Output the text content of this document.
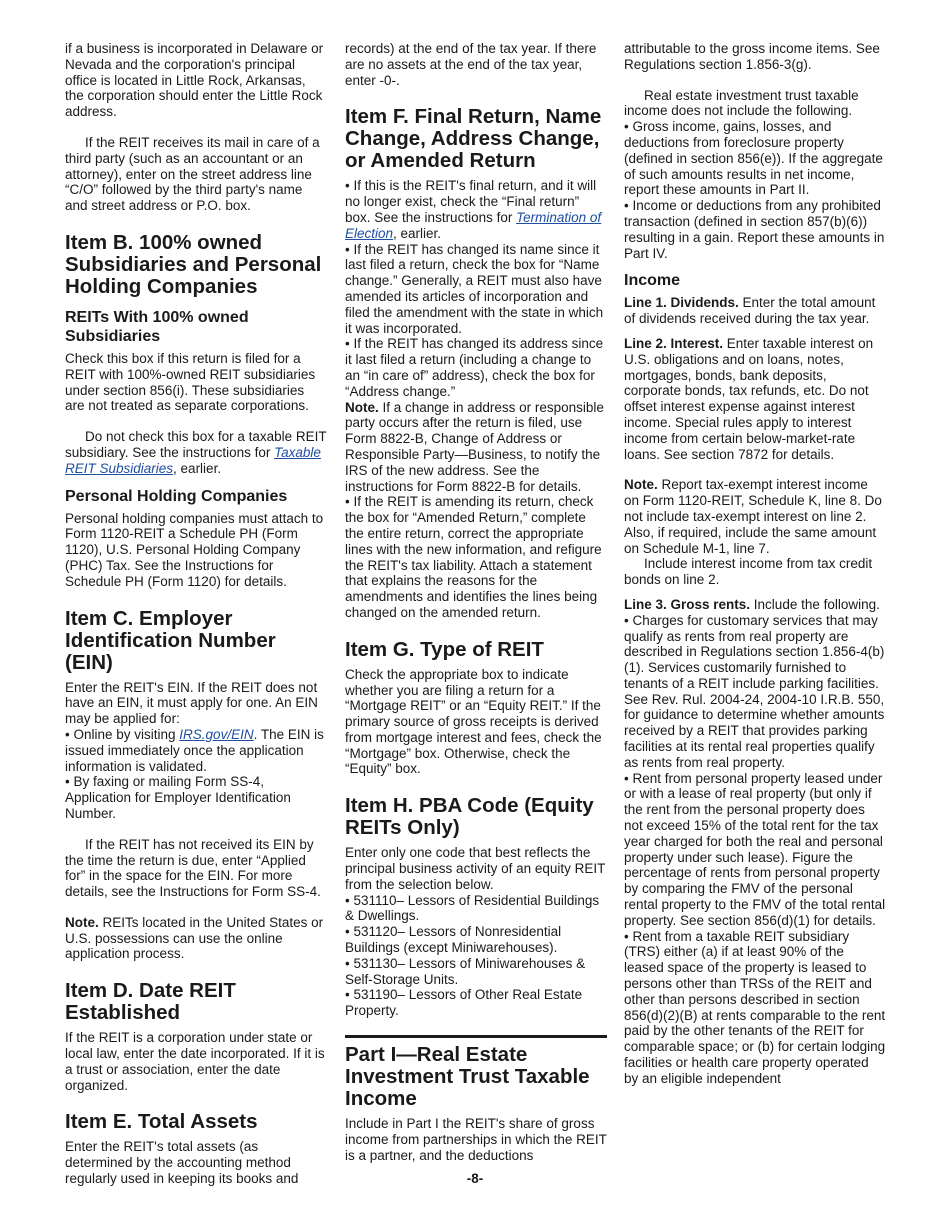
if a business is incorporated in Delaware or Nevada and the corporation's principal office is located in Little Rock, Arkansas, the corporation should enter the Little Rock address.

If the REIT receives its mail in care of a third party (such as an accountant or an attorney), enter on the street address line “C/O” followed by the third party's name and street address or P.O. box.

Item B. 100% owned Subsidiaries and Personal Holding Companies
REITs With 100% owned Subsidiaries

Check this box if this return is filed for a REIT with 100%-owned REIT subsidiaries under section 856(i). These subsidiaries are not treated as separate corporations.

Do not check this box for a taxable REIT subsidiary. See the instructions for Taxable REIT Subsidiaries, earlier.

Personal Holding Companies

Personal holding companies must attach to Form 1120-REIT a Schedule PH (Form 1120), U.S. Personal Holding Company (PHC) Tax. See the Instructions for Schedule PH (Form 1120) for details.

Item C. Employer Identification Number (EIN)

Enter the REIT's EIN. If the REIT does not have an EIN, it must apply for one. An EIN may be applied for:

• Online by visiting IRS.gov/EIN. The EIN is issued immediately once the application information is validated.

• By faxing or mailing Form SS-4, Application for Employer Identification Number.

If the REIT has not received its EIN by the time the return is due, enter “Applied for” in the space for the EIN. For more details, see the Instructions for Form SS-4.

Note. REITs located in the United States or U.S. possessions can use the online application process.

Item D. Date REIT Established

If the REIT is a corporation under state or local law, enter the date incorporated. If it is a trust or association, enter the date organized.

Item E. Total Assets

Enter the REIT's total assets (as determined by the accounting method regularly used in keeping its books and

records) at the end of the tax year. If there are no assets at the end of the tax year, enter -0-.

Item F. Final Return, Name Change, Address Change, or Amended Return

• If this is the REIT's final return, and it will no longer exist, check the “Final return” box. See the instructions for Termination of Election, earlier.

• If the REIT has changed its name since it last filed a return, check the box for “Name change.” Generally, a REIT must also have amended its articles of incorporation and filed the amendment with the state in which it was incorporated.

• If the REIT has changed its address since it last filed a return (including a change to an “in care of” address), check the box for “Address change.”

Note. If a change in address or responsible party occurs after the return is filed, use Form 8822-B, Change of Address or Responsible Party—Business, to notify the IRS of the new address. See the instructions for Form 8822-B for details.

• If the REIT is amending its return, check the box for “Amended Return,” complete the entire return, correct the appropriate lines with the new information, and refigure the REIT's tax liability. Attach a statement that explains the reasons for the amendments and identifies the lines being changed on the amended return.

Item G. Type of REIT

Check the appropriate box to indicate whether you are filing a return for a “Mortgage REIT” or an “Equity REIT.” If the primary source of gross receipts is derived from mortgage interest and fees, check the “Mortgage” box. Otherwise, check the “Equity” box.

Item H. PBA Code (Equity REITs Only)

Enter only one code that best reflects the principal business activity of an equity REIT from the selection below.

• 531110– Lessors of Residential Buildings & Dwellings.

• 531120– Lessors of Nonresidential Buildings (except Miniwarehouses).

• 531130– Lessors of Miniwarehouses & Self-Storage Units.

• 531190– Lessors of Other Real Estate Property.

Part I—Real Estate Investment Trust Taxable Income

Include in Part I the REIT's share of gross income from partnerships in which the REIT is a partner, and the deductions

attributable to the gross income items. See Regulations section 1.856-3(g).

Real estate investment trust taxable income does not include the following.

• Gross income, gains, losses, and deductions from foreclosure property (defined in section 856(e)). If the aggregate of such amounts results in net income, report these amounts in Part II.

• Income or deductions from any prohibited transaction (defined in section 857(b)(6)) resulting in a gain. Report these amounts in Part IV.

Income

Line 1. Dividends. Enter the total amount of dividends received during the tax year.

Line 2. Interest. Enter taxable interest on U.S. obligations and on loans, notes, mortgages, bonds, bank deposits, corporate bonds, tax refunds, etc. Do not offset interest expense against interest income. Special rules apply to interest income from certain below-market-rate loans. See section 7872 for details.

Note. Report tax-exempt interest income on Form 1120-REIT, Schedule K, line 8. Do not include tax-exempt interest on line 2. Also, if required, include the same amount on Schedule M-1, line 7.

Include interest income from tax credit bonds on line 2.

Line 3. Gross rents. Include the following.

• Charges for customary services that may qualify as rents from real property are described in Regulations section 1.856-4(b)(1). Services customarily furnished to tenants of a REIT include parking facilities. See Rev. Rul. 2004-24, 2004-10 I.R.B. 550, for guidance to determine whether amounts received by a REIT that provides parking facilities at its rental real properties qualify as rents from real property.

• Rent from personal property leased under or with a lease of real property (but only if the rent from the personal property does not exceed 15% of the total rent for the tax year charged for both the real and personal property under such lease). Figure the percentage of rents from personal property by comparing the FMV of the personal rental property to the FMV of the total rental property. See section 856(d)(1) for details.

• Rent from a taxable REIT subsidiary (TRS) either (a) if at least 90% of the leased space of the property is leased to persons other than TRSs of the REIT and other than persons described in section 856(d)(2)(B) at rents comparable to the rent paid by the other tenants of the REIT for comparable space; or (b) for certain lodging facilities or health care property operated by an eligible independent

-8-
